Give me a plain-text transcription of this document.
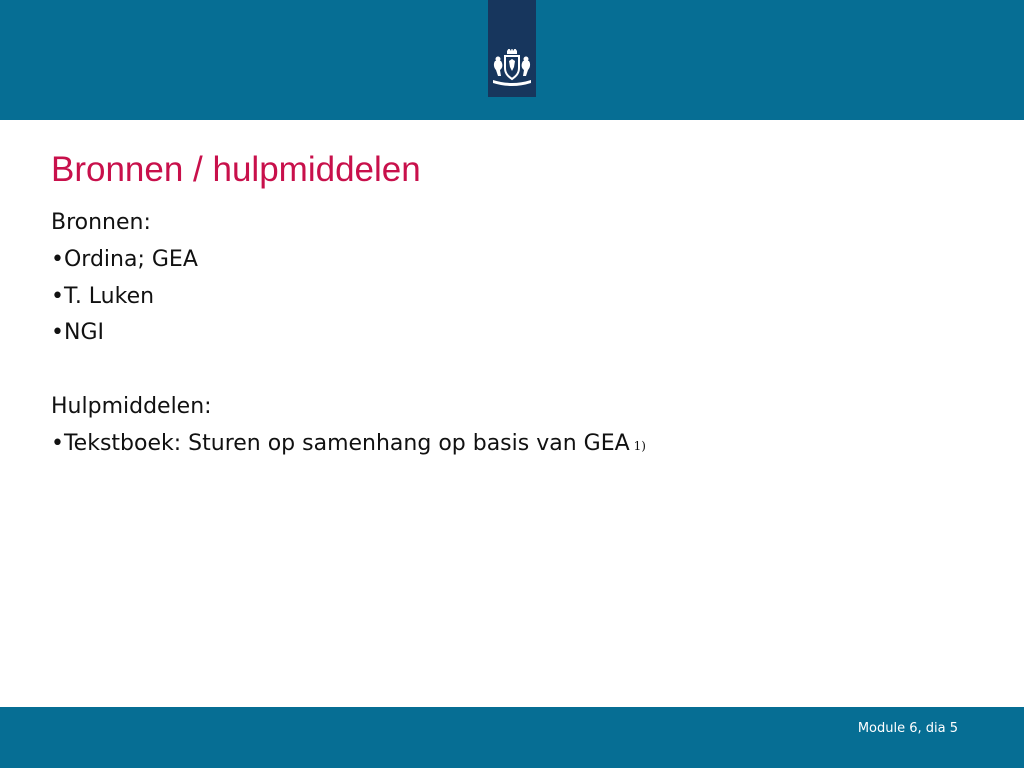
Bronnen / hulpmiddelen
Bronnen:
•Ordina; GEA
•T. Luken
•NGI
Hulpmiddelen:
•Tekstboek: Sturen op samenhang op basis van GEA 1)
Module 6, dia 5
